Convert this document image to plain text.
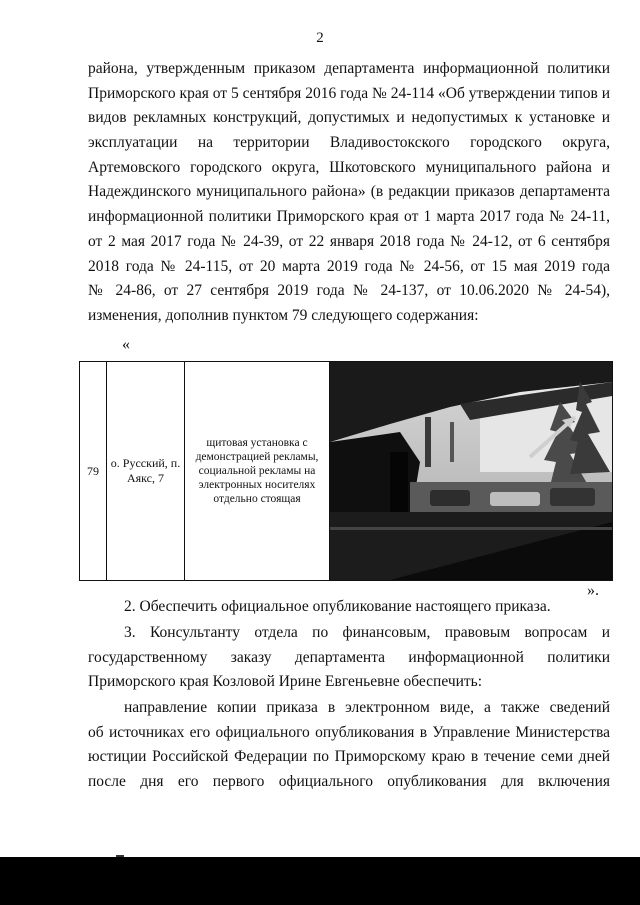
2
района, утвержденным приказом департамента информационной политики
Приморского края от 5 сентября 2016 года № 24-114 «Об утверждении типов и
видов рекламных конструкций, допустимых и недопустимых к установке и
эксплуатации на территории Владивостокского городского округа,
Артемовского городского округа, Шкотовского муниципального района и
Надеждинского муниципального района» (в редакции приказов департамента
информационной политики Приморского края от 1 марта 2017 года № 24-11,
от 2 мая 2017 года № 24-39, от 22 января 2018 года № 24-12, от 6 сентября
2018 года № 24-115, от 20 марта 2019 года № 24-56, от 15 мая 2019 года
№ 24-86, от 27 сентября 2019 года № 24-137, от 10.06.2020 № 24-54),
изменения, дополнив пунктом 79 следующего содержания:
«
79	о. Русский, п. Аякс, 7	щитовая установка с демонстрацией рекламы, социальной рекламы на электронных носителях отдельно стоящая	
».
2. Обеспечить официальное опубликование настоящего приказа.
3. Консультанту отдела по финансовым, правовым вопросам и
государственному заказу департамента информационной политики
Приморского края Козловой Ирине Евгеньевне обеспечить:
направление копии приказа в электронном виде, а также сведений
об источниках его официального опубликования в Управление Министерства
юстиции Российской Федерации по Приморскому краю в течение семи дней
после дня его первого официального опубликования для включения
